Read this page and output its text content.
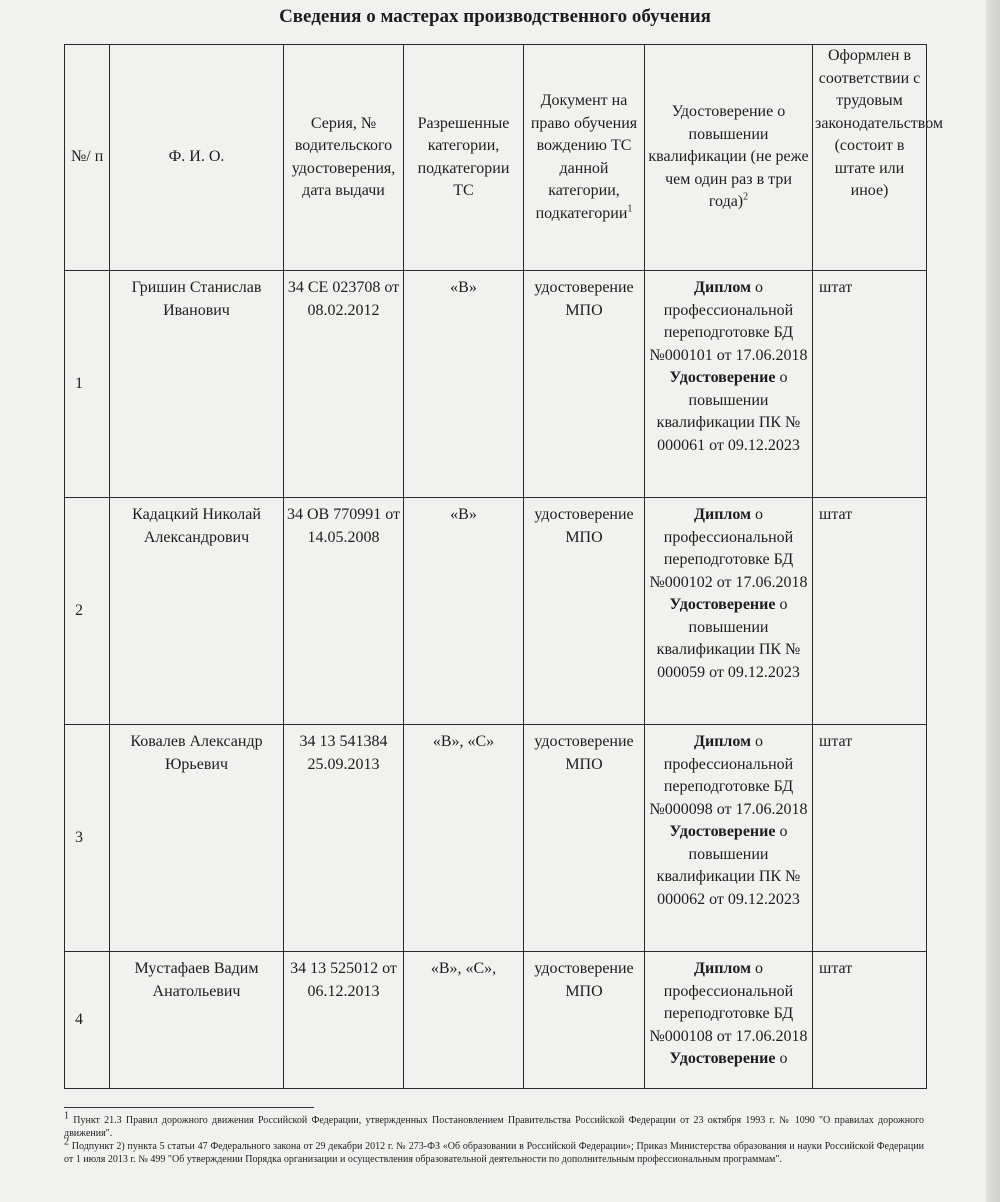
Сведения о мастерах производственного обучения
№/ п	Ф. И. О.	Серия, № водительского удостоверения, дата выдачи	Разрешенные категории, подкатегории ТС	Документ на право обучения вождению ТС данной категории, подкатегории$^1$	Удостоверение о повышении квалификации (не реже чем один раз в три года)$^2$	Оформлен в соответствии с трудовым законодательством (состоит в штате или иное)
1	Гришин Станислав Иванович	34 СЕ 023708 от 08.02.2012	«В»	удостоверение МПО	Диплом о профессиональной переподготовке БД №000101 от 17.06.2018 Удостоверение о повышении квалификации ПК № 000061 от 09.12.2023	штат
2	Кадацкий Николай Александрович	34 ОВ 770991 от 14.05.2008	«В»	удостоверение МПО	Диплом о профессиональной переподготовке БД №000102 от 17.06.2018 Удостоверение о повышении квалификации ПК № 000059 от 09.12.2023	штат
3	Ковалев Александр Юрьевич	34 13 541384 25.09.2013	«В», «С»	удостоверение МПО	Диплом о профессиональной переподготовке БД №000098 от 17.06.2018 Удостоверение о повышении квалификации ПК № 000062 от 09.12.2023	штат
4	Мустафаев Вадим Анатольевич	34 13 525012 от 06.12.2013	«В», «С»,	удостоверение МПО	Диплом о профессиональной переподготовке БД №000108 от 17.06.2018 Удостоверение о	штат

$^1$ Пункт 21.3 Правил дорожного движения Российской Федерации, утвержденных Постановлением Правительства Российской Федерации от 23 октября 1993 г. № 1090 "О правилах дорожного движения".

$^2$ Подпункт 2) пункта 5 статьи 47 Федерального закона от 29 декабри 2012 г. № 273-ФЗ «Об образовании в Российской Федерации»; Приказ Министерства образования и науки Российской Федерации от 1 июля 2013 г. № 499 "Об утверждении Порядка организации и осуществления образовательной деятельности по дополнительным профессиональным программам".
